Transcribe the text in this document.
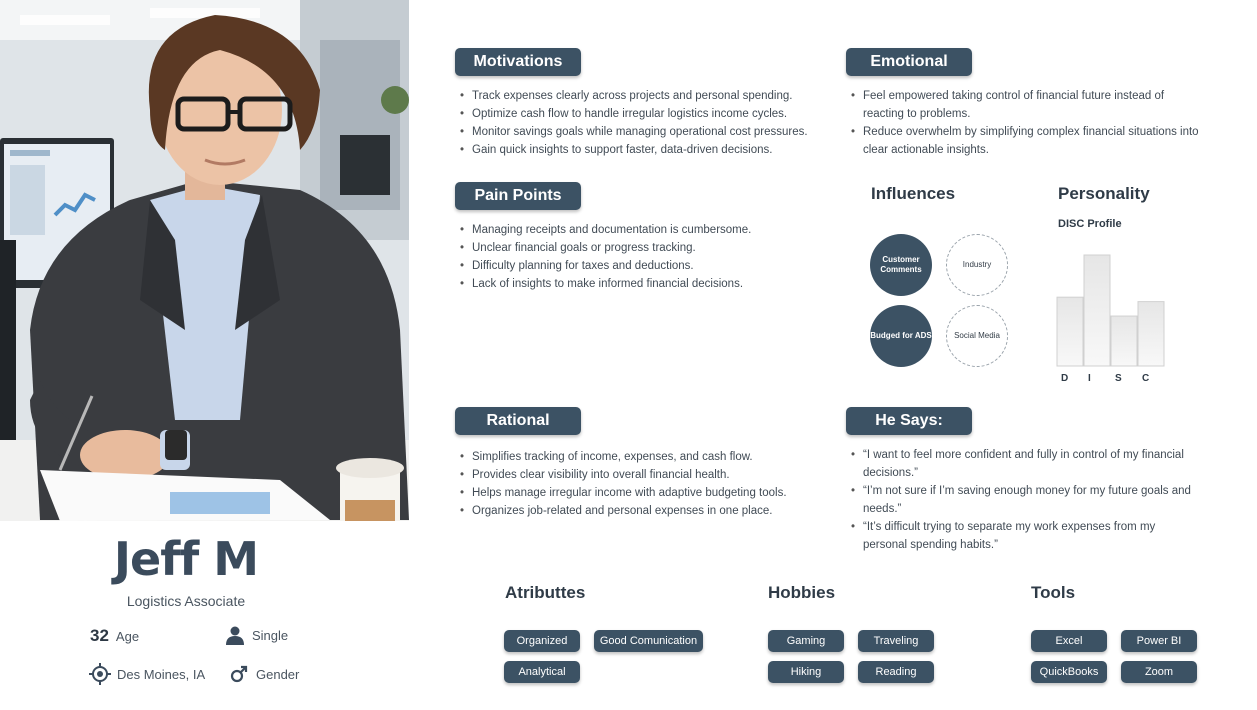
Jeff M
Logistics Associate
32 Age	Single
Des Moines, IA	Gender
Motivations
• Track expenses clearly across projects and personal spending.
• Optimize cash flow to handle irregular logistics income cycles.
• Monitor savings goals while managing operational cost pressures.
• Gain quick insights to support faster, data-driven decisions.
Emotional
• Feel empowered taking control of financial future instead of
reacting to problems.
• Reduce overwhelm by simplifying complex financial situations into
clear actionable insights.
Pain Points
• Managing receipts and documentation is cumbersome.
• Unclear financial goals or progress tracking.
• Difficulty planning for taxes and deductions.
• Lack of insights to make informed financial decisions.
Influences
Customer Comments
Industry
Budged for ADS	Social Media
Personality
DISC Profile
D I S C
Rational
• Simplifies tracking of income, expenses, and cash flow.
• Provides clear visibility into overall financial health.
• Helps manage irregular income with adaptive budgeting tools.
• Organizes job-related and personal expenses in one place.
He Says:
• “I want to feel more confident and fully in control of my financial
decisions.”
• “I’m not sure if I’m saving enough money for my future goals and
needs.”
• “It’s difficult trying to separate my work expenses from my
personal spending habits.”
Atributtes
Organized	Good Comunication
Analytical
Hobbies
Gaming	Traveling
Hiking	Reading
Tools
Excel	Power BI
QuickBooks	Zoom
